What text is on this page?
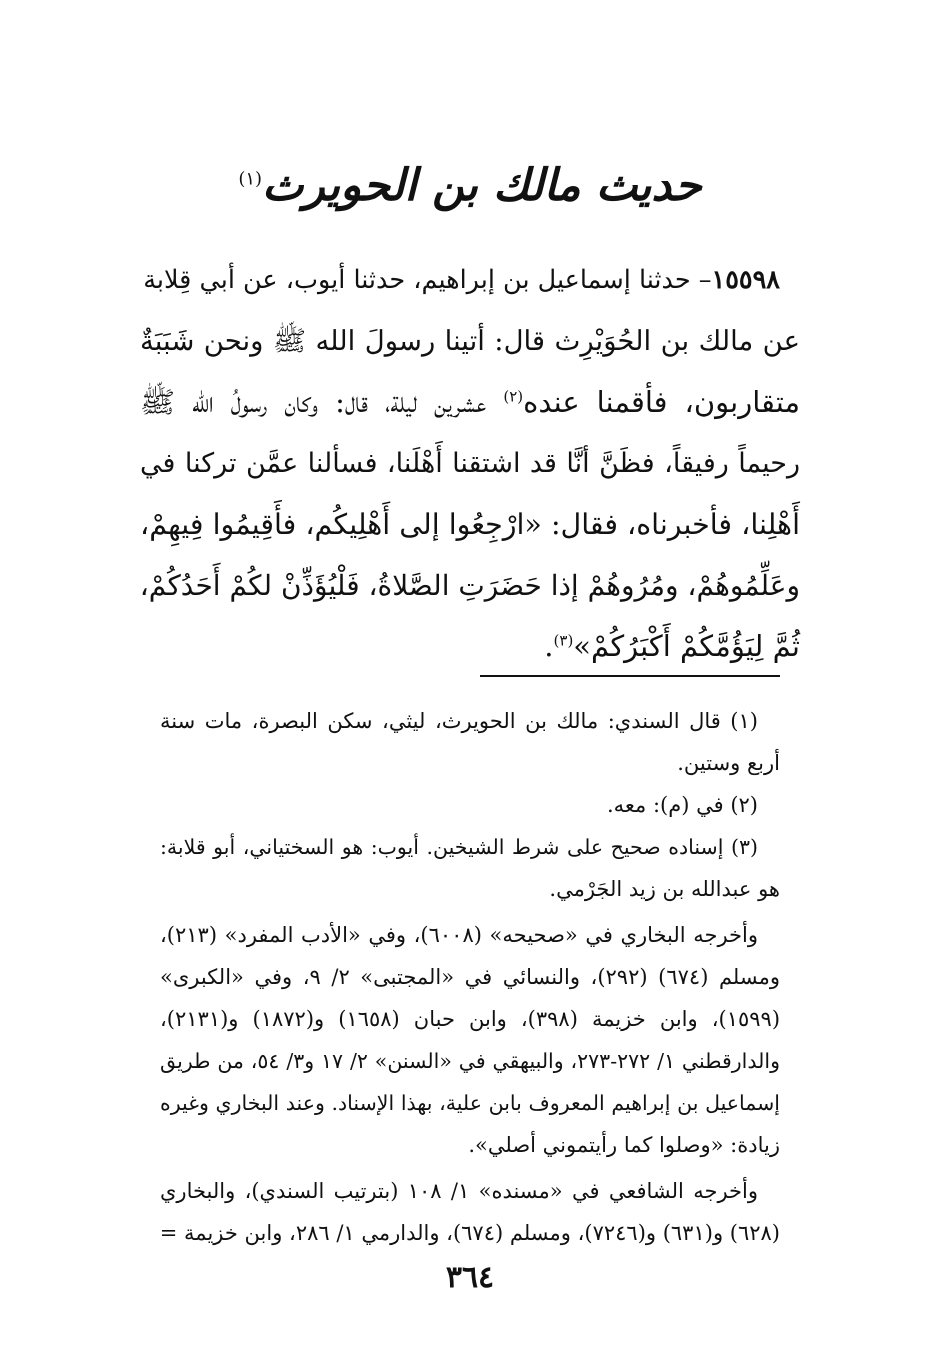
حديث مالك بن الحويرث$^{(١)}$
١٥٥٩٨– حدثنا إسماعيل بن إبراهيم، حدثنا أيوب، عن أبي قِلابة
عن مالك بن الحُوَيْرِث قال: أتينا رسولَ الله ﷺ ونحن شَبَبَةٌ
متقاربون، فأقمنا عنده$^{(٢)}$ عشرين ليلة، قال: وكان رسولُ الله ﷺ
رحيماً رفيقاً، فظَنَّ أنَّا قد اشتقنا أَهْلَنا، فسألنا عمَّن تركنا في
أَهْلِنا، فأخبرناه، فقال: «ارْجِعُوا إلى أَهْلِيكُم، فأَقِيمُوا فِيهِمْ،
وعَلِّمُوهُمْ، ومُرُوهُمْ إذا حَضَرَتِ الصَّلاةُ، فَلْيُؤَذِّنْ لكُمْ أَحَدُكُمْ،
ثُمَّ لِيَؤُمَّكُمْ أَكْبَرُكُمْ»$^{(٣)}$.
(١) قال السندي: مالك بن الحويرث، ليثي، سكن البصرة، مات سنة
أربع وستين.
(٢) في (م): معه.
(٣) إسناده صحيح على شرط الشيخين. أيوب: هو السختياني، أبو قلابة:
هو عبدالله بن زيد الجَرْمي.
وأخرجه البخاري في «صحيحه» (٦٠٠٨)، وفي «الأدب المفرد» (٢١٣)،
ومسلم (٦٧٤) (٢٩٢)، والنسائي في «المجتبى» ٢/ ٩، وفي «الكبرى»
(١٥٩٩)، وابن خزيمة (٣٩٨)، وابن حبان (١٦٥٨) و(١٨٧٢) و(٢١٣١)،
والدارقطني ١/ ٢٧٢-٢٧٣، والبيهقي في «السنن» ٢/ ١٧ و٣/ ٥٤، من طريق
إسماعيل بن إبراهيم المعروف بابن علية، بهذا الإسناد. وعند البخاري وغيره
زيادة: «وصلوا كما رأيتموني أصلي».
وأخرجه الشافعي في «مسنده» ١/ ١٠٨ (بترتيب السندي)، والبخاري
(٦٢٨) و(٦٣١) و(٧٢٤٦)، ومسلم (٦٧٤)، والدارمي ١/ ٢٨٦، وابن خزيمة =
٣٦٤
